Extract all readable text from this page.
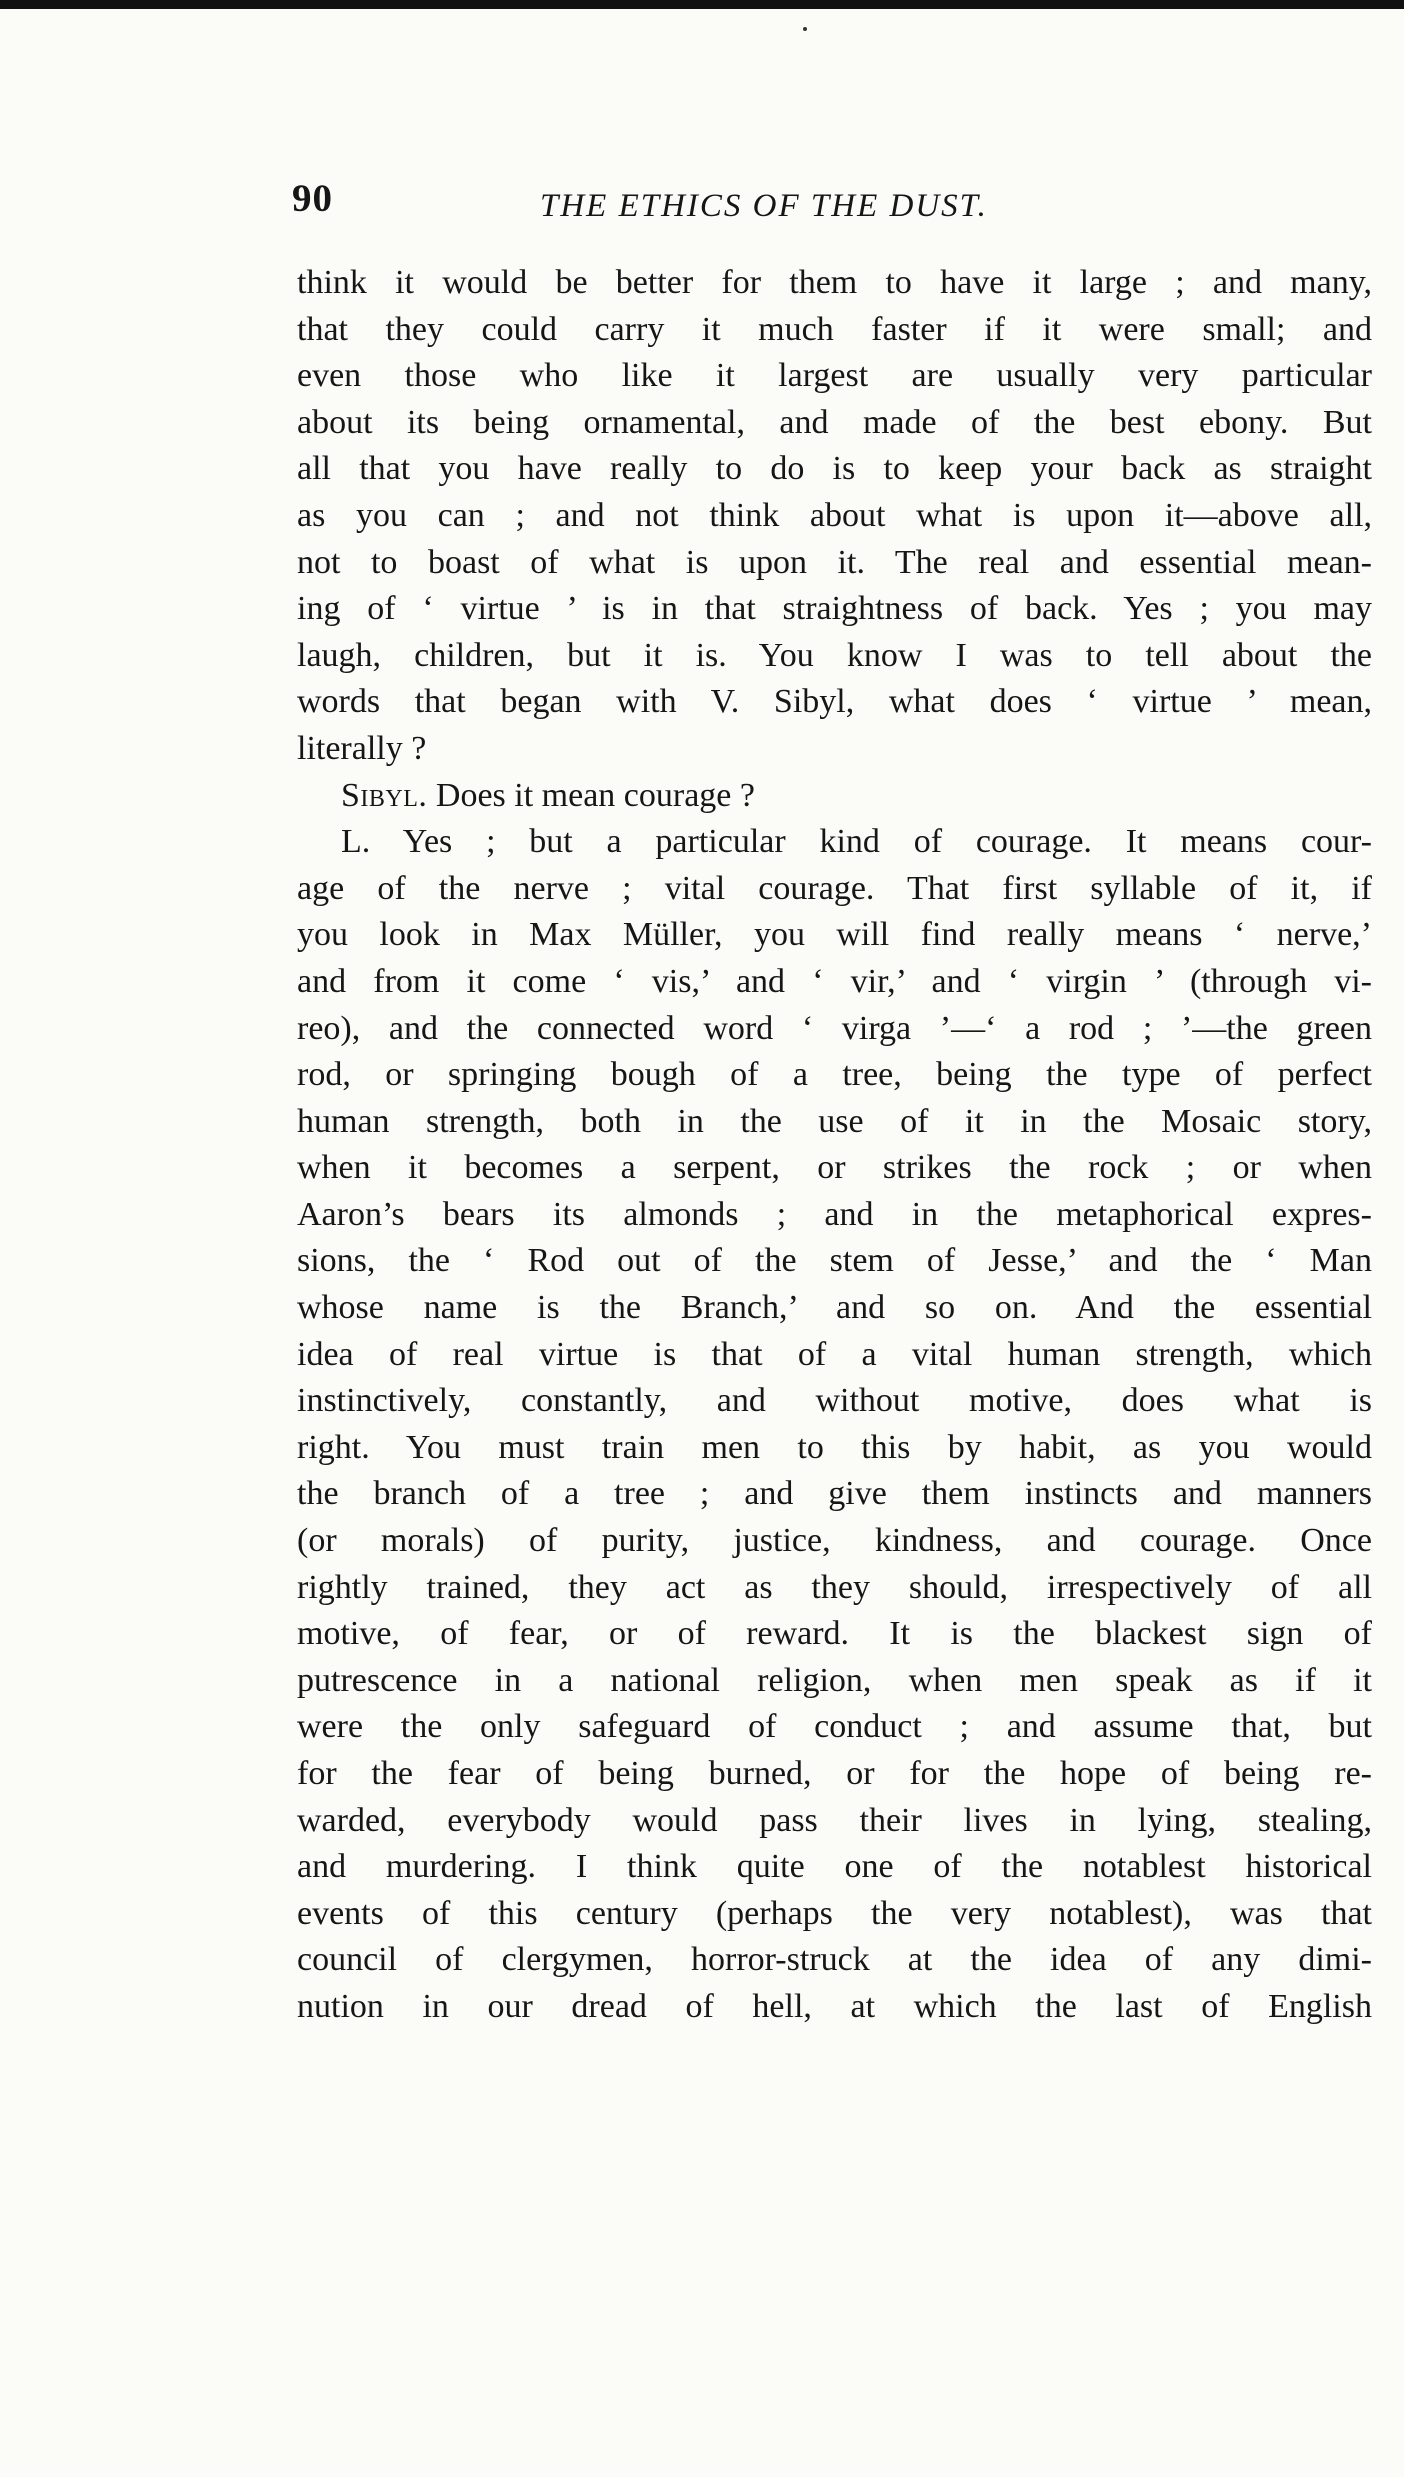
90	THE ETHICS OF THE DUST.
think it would be better for them to have it large ; and many,
that they could carry it much faster if it were small; and
even those who like it largest are usually very particular
about its being ornamental, and made of the best ebony. But
all that you have really to do is to keep your back as straight
as you can ; and not think about what is upon it—above all,
not to boast of what is upon it. The real and essential mean-
ing of ‘ virtue ’ is in that straightness of back. Yes ; you may
laugh, children, but it is. You know I was to tell about the
words that began with V. Sibyl, what does ‘ virtue ’ mean,
literally ?
Sibyl. Does it mean courage ?
L. Yes ; but a particular kind of courage. It means cour-
age of the nerve ; vital courage. That first syllable of it, if
you look in Max Müller, you will find really means ‘ nerve,’
and from it come ‘ vis,’ and ‘ vir,’ and ‘ virgin ’ (through vi-
reo), and the connected word ‘ virga ’—‘ a rod ; ’—the green
rod, or springing bough of a tree, being the type of perfect
human strength, both in the use of it in the Mosaic story,
when it becomes a serpent, or strikes the rock ; or when
Aaron’s bears its almonds ; and in the metaphorical expres-
sions, the ‘ Rod out of the stem of Jesse,’ and the ‘ Man
whose name is the Branch,’ and so on. And the essential
idea of real virtue is that of a vital human strength, which
instinctively, constantly, and without motive, does what is
right. You must train men to this by habit, as you would
the branch of a tree ; and give them instincts and manners
(or morals) of purity, justice, kindness, and courage. Once
rightly trained, they act as they should, irrespectively of all
motive, of fear, or of reward. It is the blackest sign of
putrescence in a national religion, when men speak as if it
were the only safeguard of conduct ; and assume that, but
for the fear of being burned, or for the hope of being re-
warded, everybody would pass their lives in lying, stealing,
and murdering. I think quite one of the notablest historical
events of this century (perhaps the very notablest), was that
council of clergymen, horror-struck at the idea of any dimi-
nution in our dread of hell, at which the last of English
